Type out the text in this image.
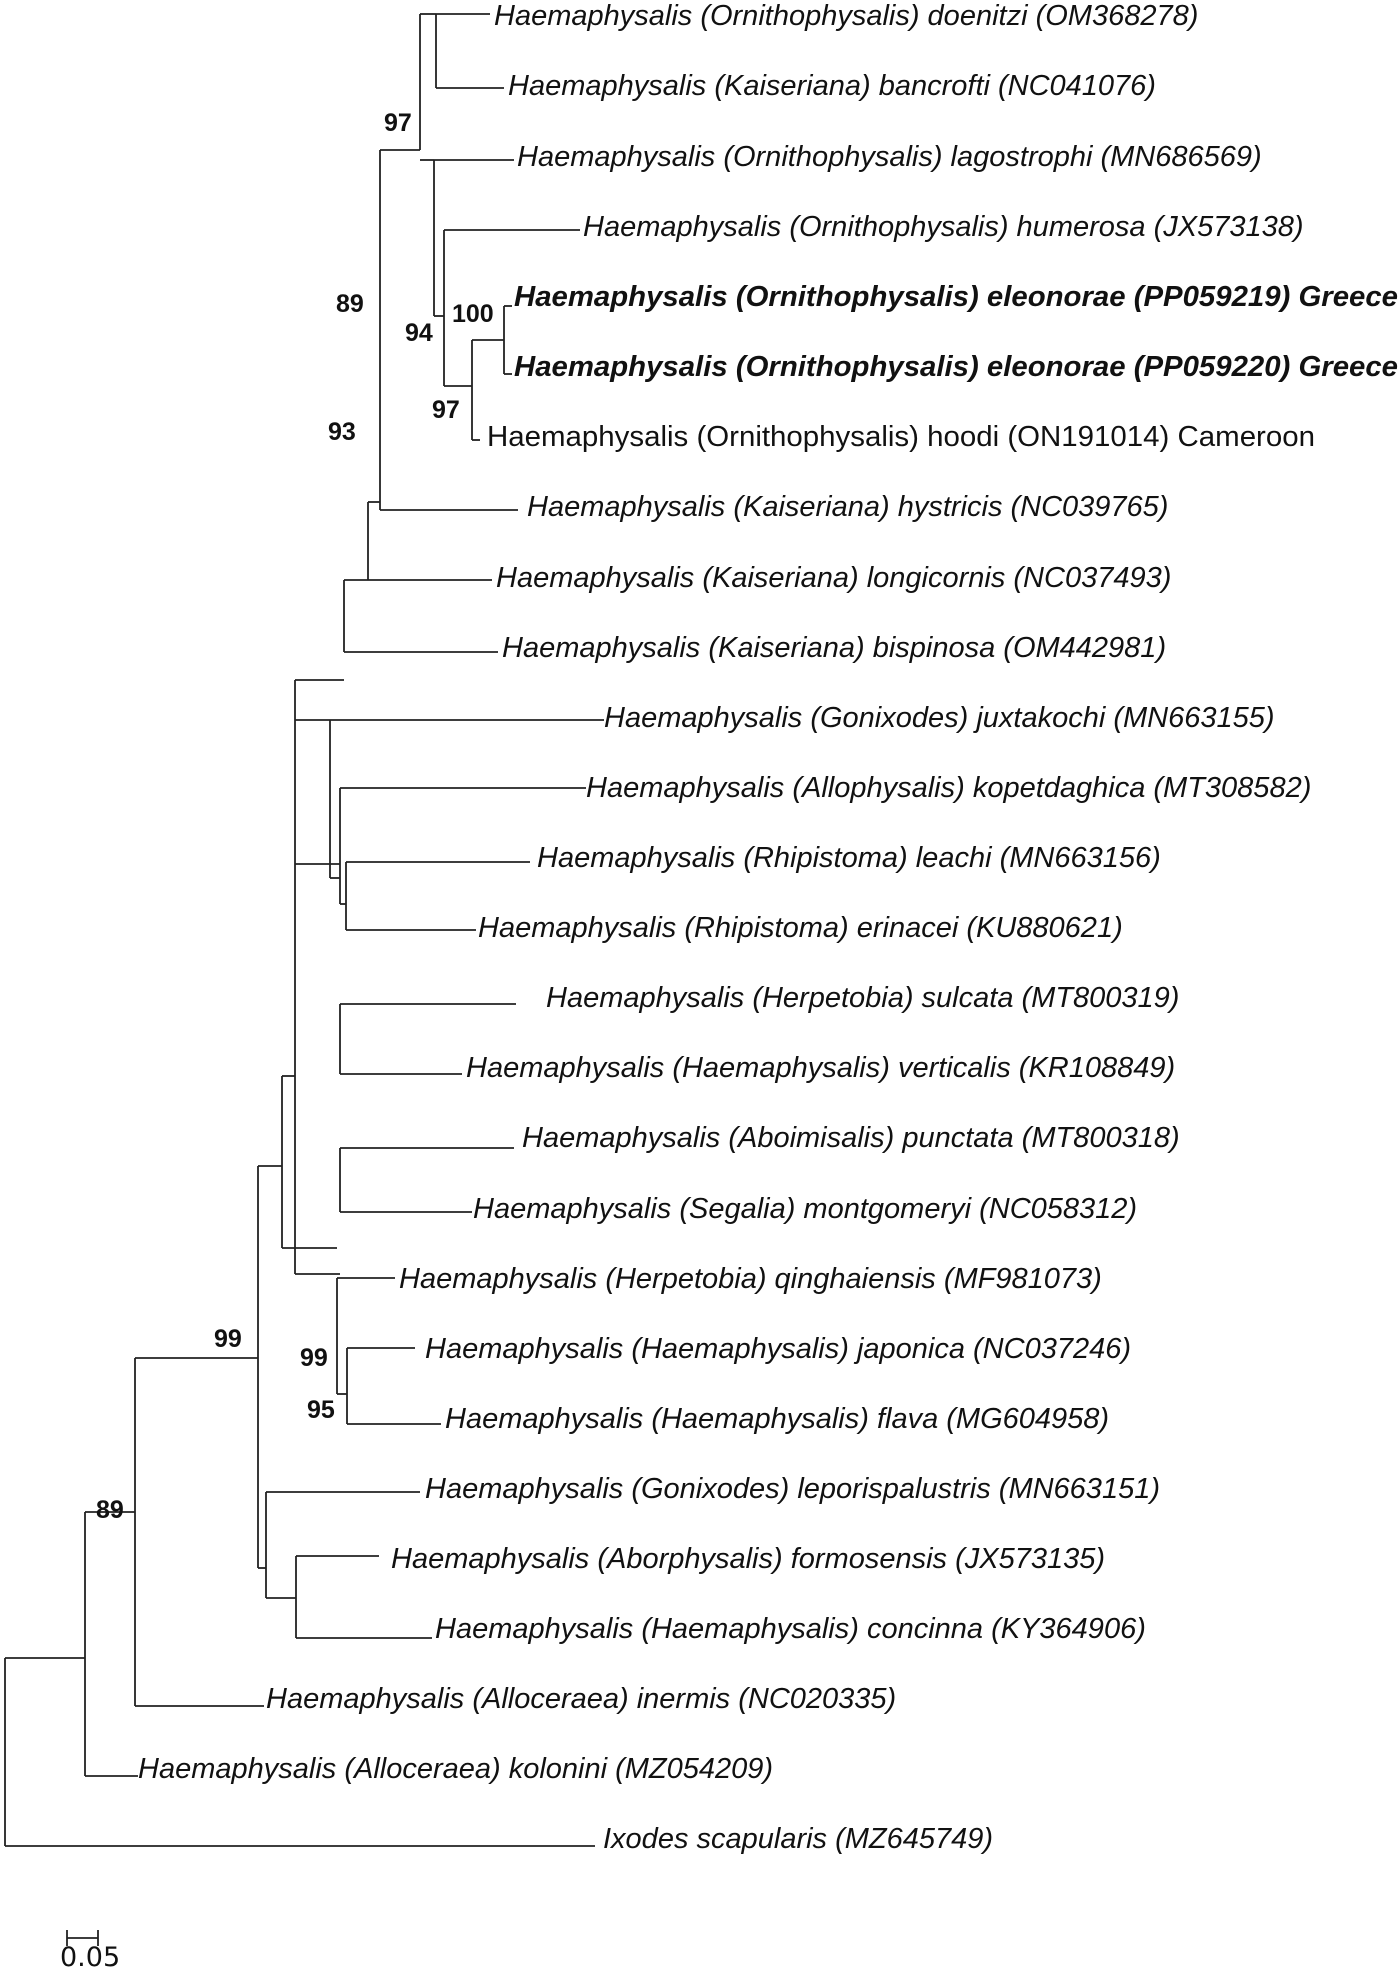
Haemaphysalis (Ornithophysalis) doenitzi (OM368278)
Haemaphysalis (Kaiseriana) bancrofti (NC041076)
Haemaphysalis (Ornithophysalis) lagostrophi (MN686569)
Haemaphysalis (Ornithophysalis) humerosa (JX573138)
Haemaphysalis (Ornithophysalis) eleonorae (PP059219) Greece
Haemaphysalis (Ornithophysalis) eleonorae (PP059220) Greece
Haemaphysalis (Ornithophysalis) hoodi (ON191014) Cameroon
Haemaphysalis (Kaiseriana) hystricis (NC039765)
Haemaphysalis (Kaiseriana) longicornis (NC037493)
Haemaphysalis (Kaiseriana) bispinosa (OM442981)
Haemaphysalis (Gonixodes) juxtakochi (MN663155)
Haemaphysalis (Allophysalis) kopetdaghica (MT308582)
Haemaphysalis (Rhipistoma) leachi (MN663156)
Haemaphysalis (Rhipistoma) erinacei (KU880621)
Haemaphysalis (Herpetobia) sulcata (MT800319)
Haemaphysalis (Haemaphysalis) verticalis (KR108849)
Haemaphysalis (Aboimisalis) punctata (MT800318)
Haemaphysalis (Segalia) montgomeryi (NC058312)
Haemaphysalis (Herpetobia) qinghaiensis (MF981073)
Haemaphysalis (Haemaphysalis) japonica (NC037246)
Haemaphysalis (Haemaphysalis) flava (MG604958)
Haemaphysalis (Gonixodes) leporispalustris (MN663151)
Haemaphysalis (Aborphysalis) formosensis (JX573135)
Haemaphysalis (Haemaphysalis) concinna (KY364906)
Haemaphysalis (Alloceraea) inermis (NC020335)
Haemaphysalis (Alloceraea) kolonini (MZ054209)
Ixodes scapularis (MZ645749)
97
89	100
94
97
93
99
99
95
89
0.05
